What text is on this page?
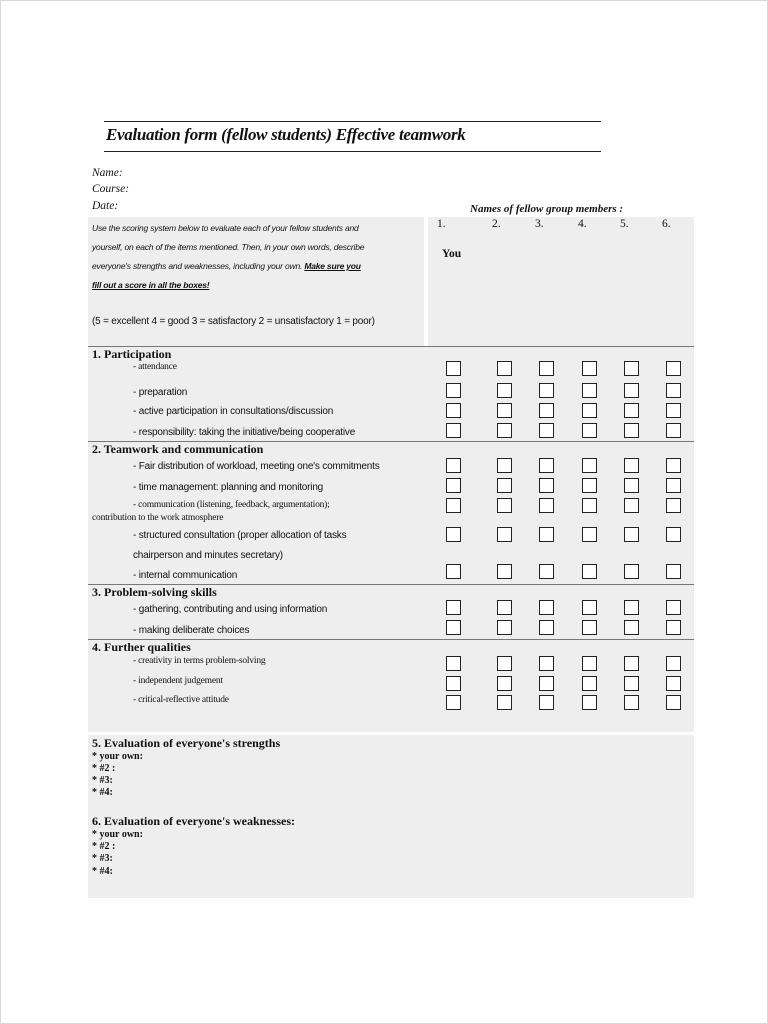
Evaluation form (fellow students) Effective teamwork
Name:
Course:
Date:	Names of fellow group members :
1.	2.	3.	4.	5.	6.
You
Use the scoring system below to evaluate each of your fellow students and
yourself, on each of the items mentioned. Then, in your own words, describe
everyone's strengths and weaknesses, including your own. Make sure you
fill out a score in all the boxes!
(5 = excellent 4 = good 3 = satisfactory 2 = unsatisfactory 1 = poor)
1. Participation
- attendance
- preparation
- active participation in consultations/discussion
- responsibility: taking the initiative/being cooperative
2. Teamwork and communication
- Fair distribution of workload, meeting one's commitments
- time management: planning and monitoring
- communication (listening, feedback, argumentation);
contribution to the work atmosphere
- structured consultation (proper allocation of tasks
chairperson and minutes secretary)
- internal communication
3. Problem-solving skills
- gathering, contributing and using information
- making deliberate choices
4. Further qualities
- creativity in terms problem-solving
- independent judgement
- critical-reflective attitude
5. Evaluation of everyone's strengths
* your own:
* #2 :
* #3:
* #4:
6. Evaluation of everyone's weaknesses:
* your own:
* #2 :
* #3:
* #4:
